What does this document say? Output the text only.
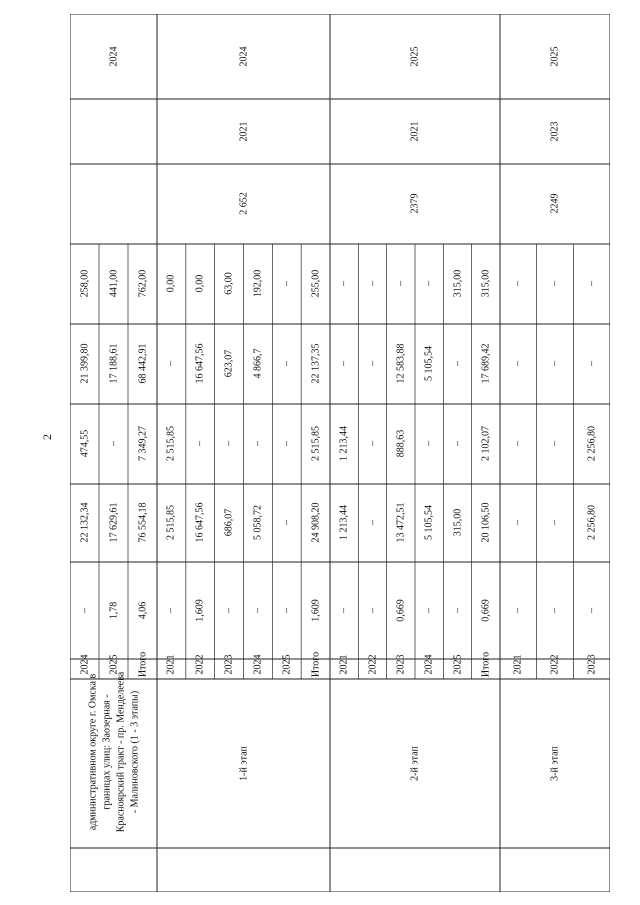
2
2024
–
22 132,34
474,55
21 399,80
258,00
2025
1,78
17 629,61
–
17 188,61
441,00
Итого
4,06
76 554,18
7 349,27
68 442,91
762,00
2024
2021
–
2 515,85
2 515,85
–
0,00
2022
1,609
16 647,56
–
16 647,56
0,00
2023
–
686,07
–
623,07
63,00
2024
–
5 058,72
–
4 866,7
192,00
2025
–
–
–
–
–
Итого
1,609
24 908,20
2 515,85
22 137,35
255,00
2 652
2021
2024
1-й этап
2021
–
1 213,44
1 213,44
–
–
2022
–
–
–
–
–
2023
0,669
13 472,51
888,63
12 583,88
–
2024
–
5 105,54
–
5 105,54
–
2025
–
315,00
–
–
315,00
Итого
0,669
20 106,50
2 102,07
17 689,42
315,00
2379
2021
2025
2-й этап
2021
–
–
–
–
–
2022
–
–
–
–
–
2023
–
2 256,80
2 256,80
–
–
2249
2023
2025
3-й этап
административном округе г. Омска в границах улиц: Заозерная - Красноярский тракт - пр. Менделеева - Малиновского (1 - 3 этапы)
